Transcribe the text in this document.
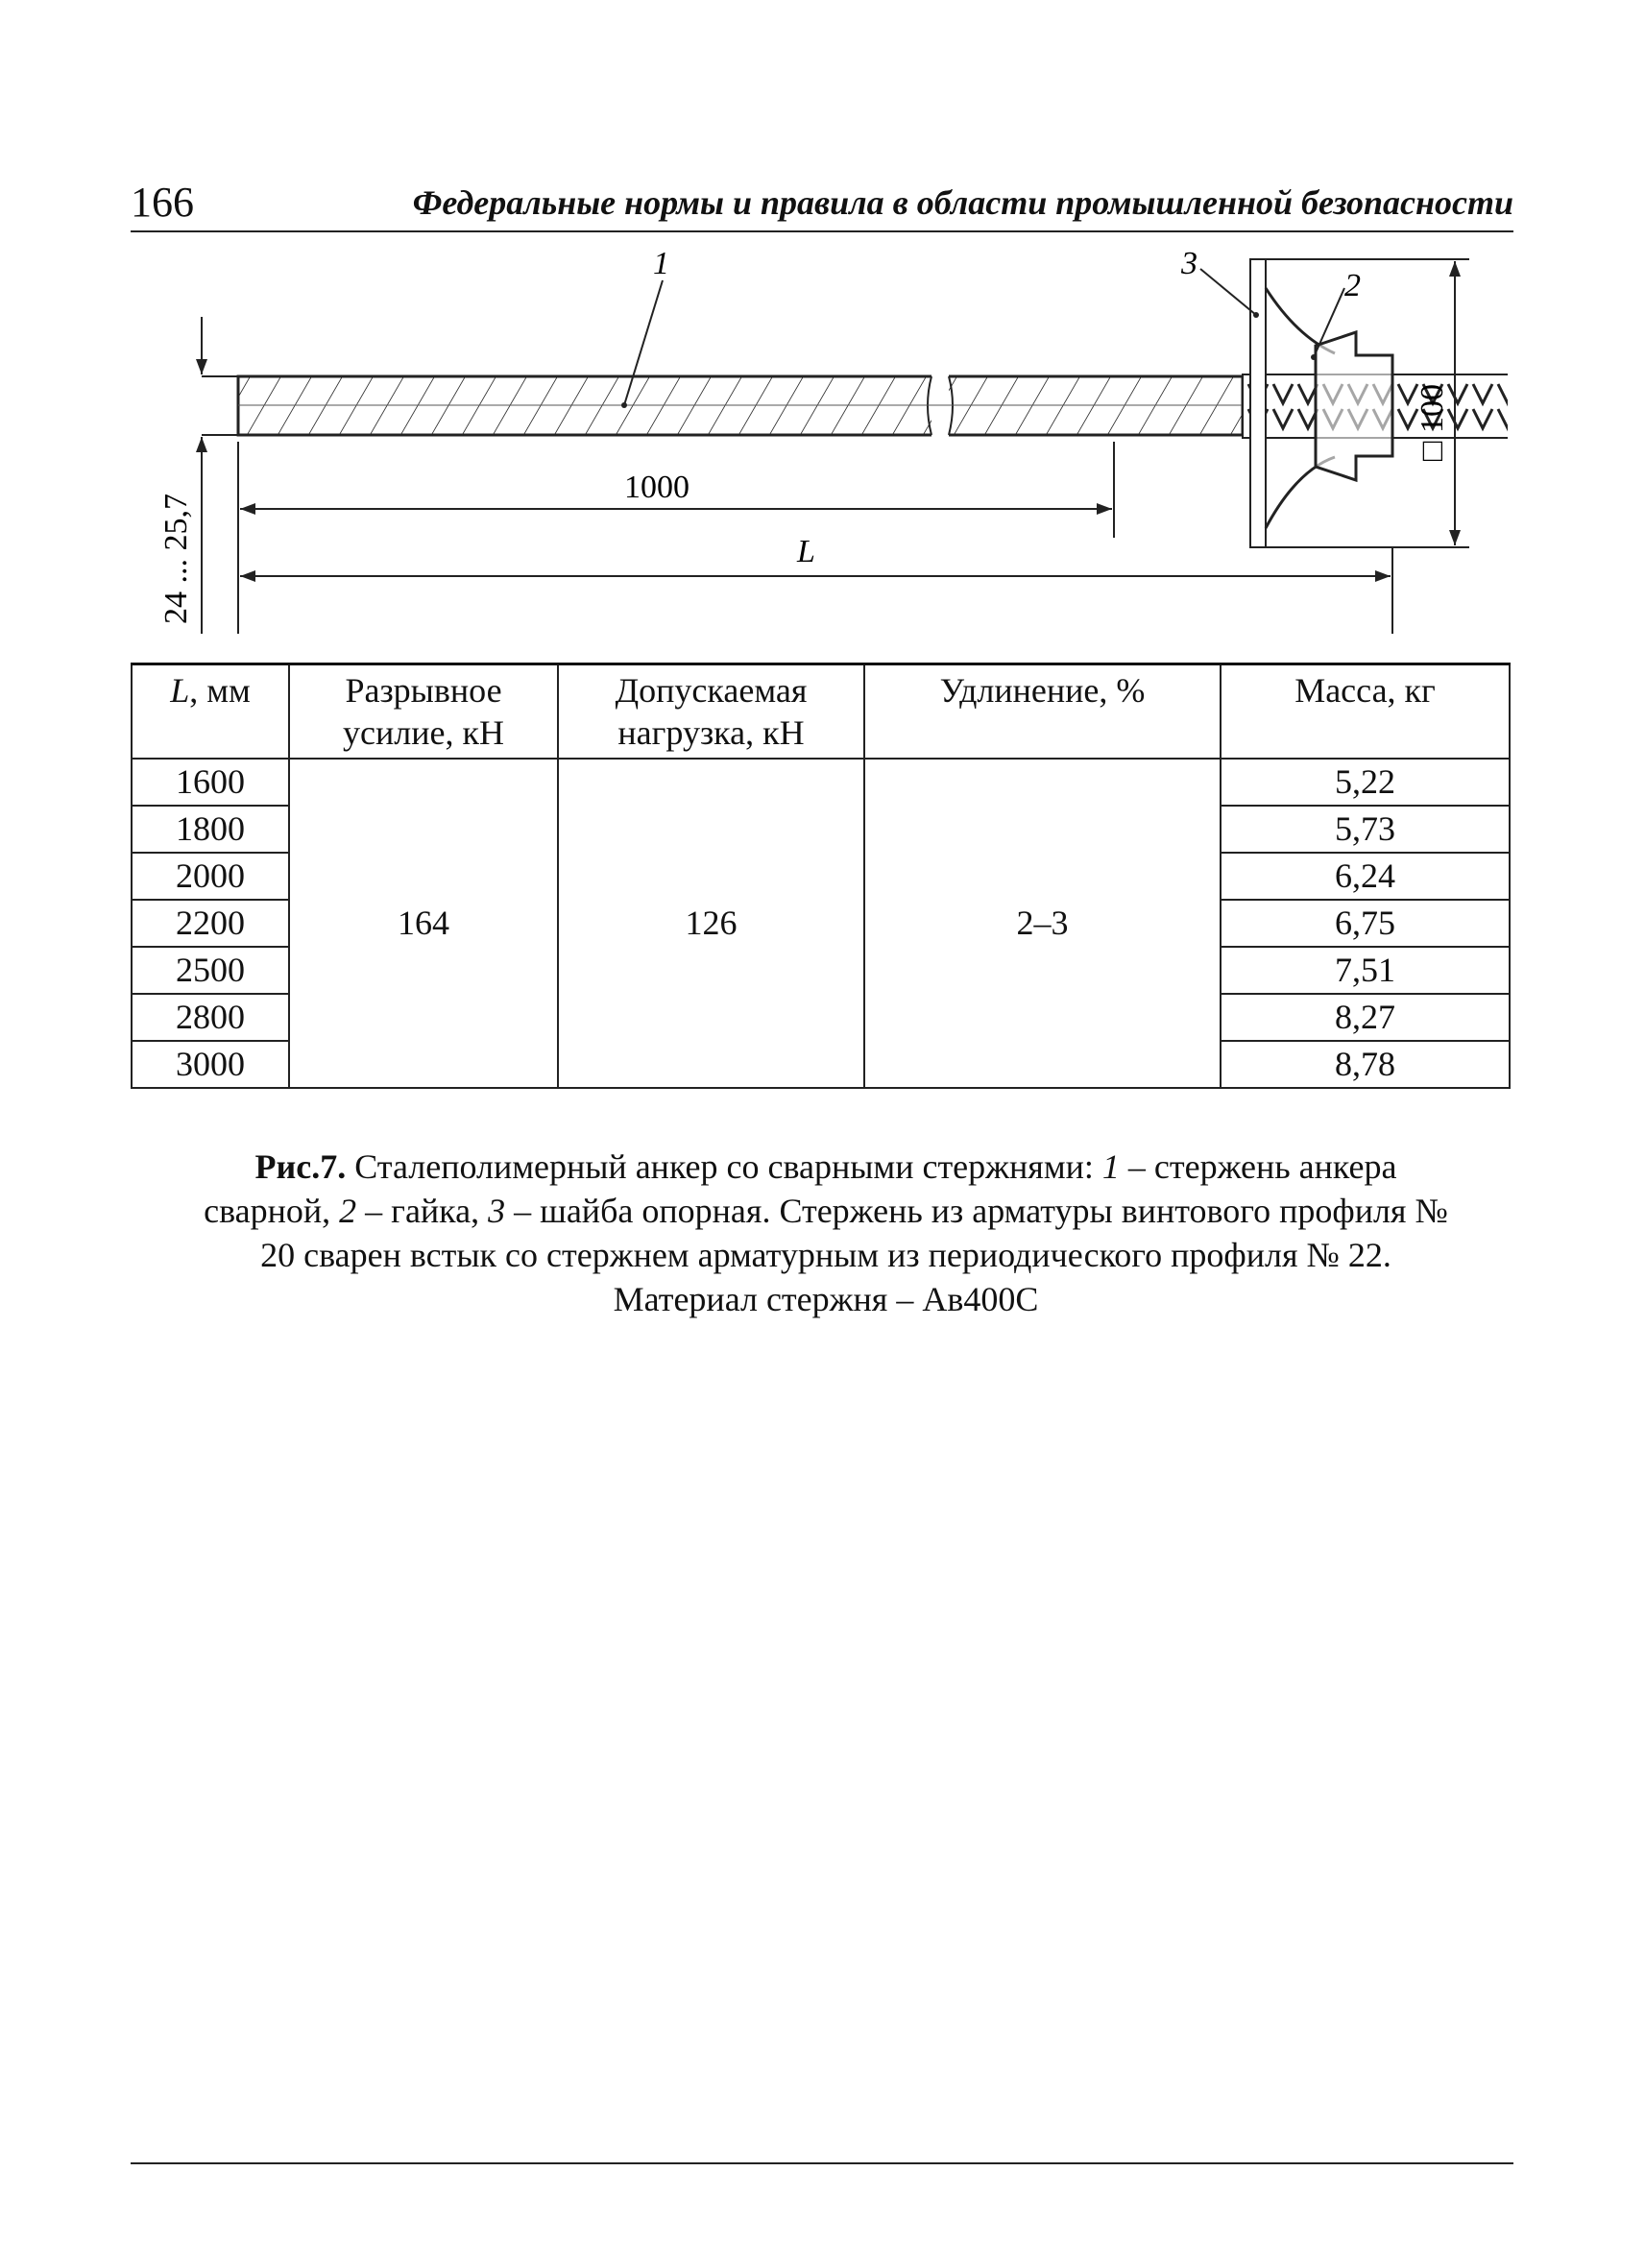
166	Федеральные нормы и правила в области промышленной безопасности
1	3
2
1000
L
24 ... 25,7
□ 100
L, мм	Разрывное усилие, кН	Допускаемая нагрузка, кН	Удлинение, %	Масса, кг
1600	164	126	2–3	5,22
1800				5,73
2000				6,24
2200				6,75
2500				7,51
2800				8,27
3000				8,78
Рис.7. Сталеполимерный анкер со сварными стержнями: 1 – стержень анкера сварной, 2 – гайка, 3 – шайба опорная. Стержень из арматуры винтового профиля № 20 сварен встык со стержнем арматурным из периодического профиля № 22. Материал стержня – Ав400С
